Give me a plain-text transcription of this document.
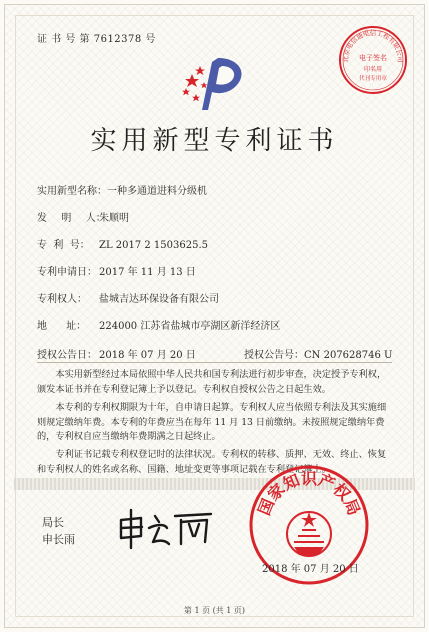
证 书 号 第 7612378 号
北京电信通电信工程有限公司
电子签名
印名用
代刊专用章
实用新型专利证书
实用新型名称：一种多通道进料分级机
发  明  人：朱顺明
专  利  号： ZL 2017 2 1503625.5
专利申请日： 2017 年 11 月 13 日
专利权人： 盐城吉达环保设备有限公司
地      址： 224000 江苏省盐城市亭湖区新洋经济区
授权公告日： 2018 年 07 月 20 日	授权公告号：CN 207628746 U

本实用新型经过本局依照中华人民共和国专利法进行初步审查，决定授予专利权，颁发本证书并在专利登记簿上予以登记。专利权自授权公告之日起生效。

本专利的专利权期限为十年，自申请日起算。专利权人应当依照专利法及其实施细则规定缴纳年费。本专利的年费应当在每年 11 月 13 日前缴纳。未按照规定缴纳年费的，专利权自应当缴纳年费期满之日起终止。

专利证书记载专利权登记时的法律状况。专利权的转移、质押、无效、终止、恢复和专利权人的姓名或名称、国籍、地址变更等事项记载在专利登记簿上。

局长
申长雨
国家知识产权局
2018 年 07 月 20 日
第 1 页 (共 1 页)
